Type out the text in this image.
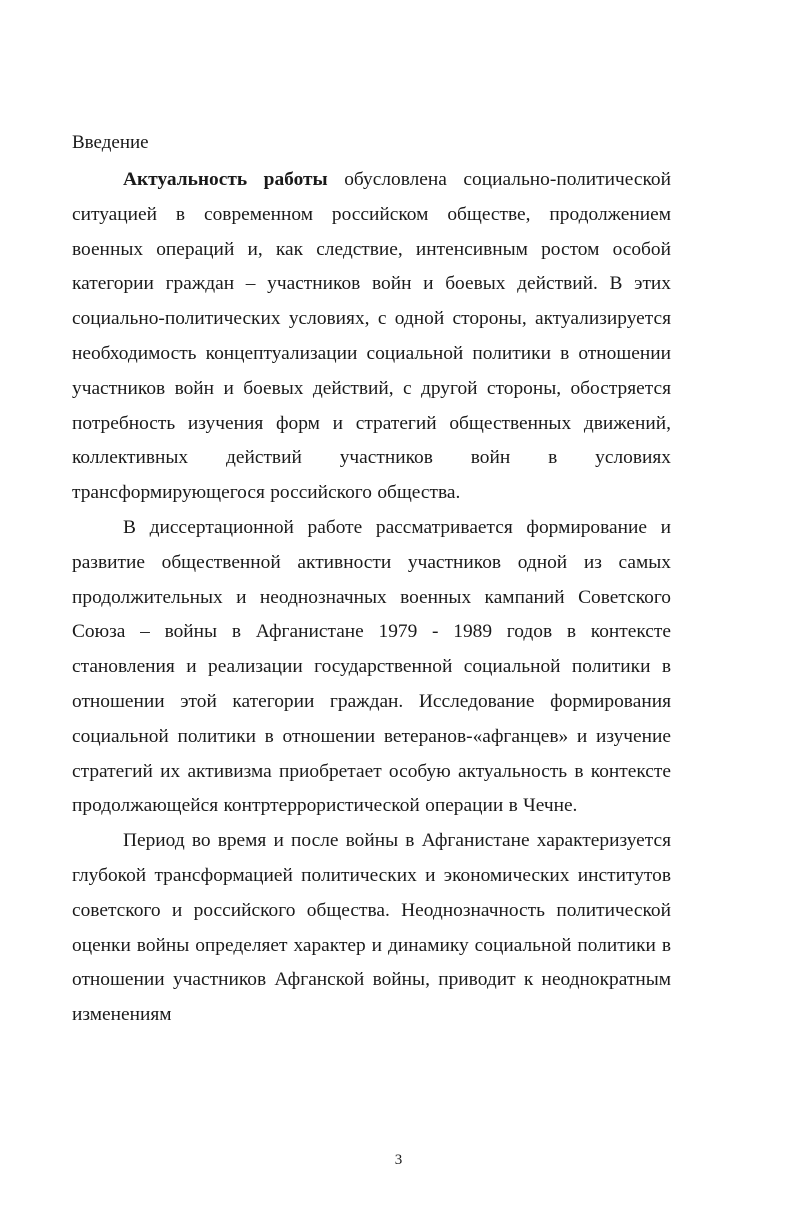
Введение

Актуальность работы обусловлена социально-политической ситуацией в современном российском обществе, продолжением военных операций и, как следствие, интенсивным ростом особой категории граждан – участников войн и боевых действий. В этих социально-политических условиях, с одной стороны, актуализируется необходимость концептуализации социальной политики в отношении участников войн и боевых действий, с другой стороны, обостряется потребность изучения форм и стратегий общественных движений, коллективных действий участников войн в условиях трансформирующегося российского общества.

В диссертационной работе рассматривается формирование и развитие общественной активности участников одной из самых продолжительных и неоднозначных военных кампаний Советского Союза – войны в Афганистане 1979 - 1989 годов в контексте становления и реализации государственной социальной политики в отношении этой категории граждан. Исследование формирования социальной политики в отношении ветеранов-«афганцев» и изучение стратегий их активизма приобретает особую актуальность в контексте продолжающейся контртеррористической операции в Чечне.

Период во время и после войны в Афганистане характеризуется глубокой трансформацией политических и экономических институтов советского и российского общества. Неоднозначность политической оценки войны определяет характер и динамику социальной политики в отношении участников Афганской войны, приводит к неоднократным изменениям

3
